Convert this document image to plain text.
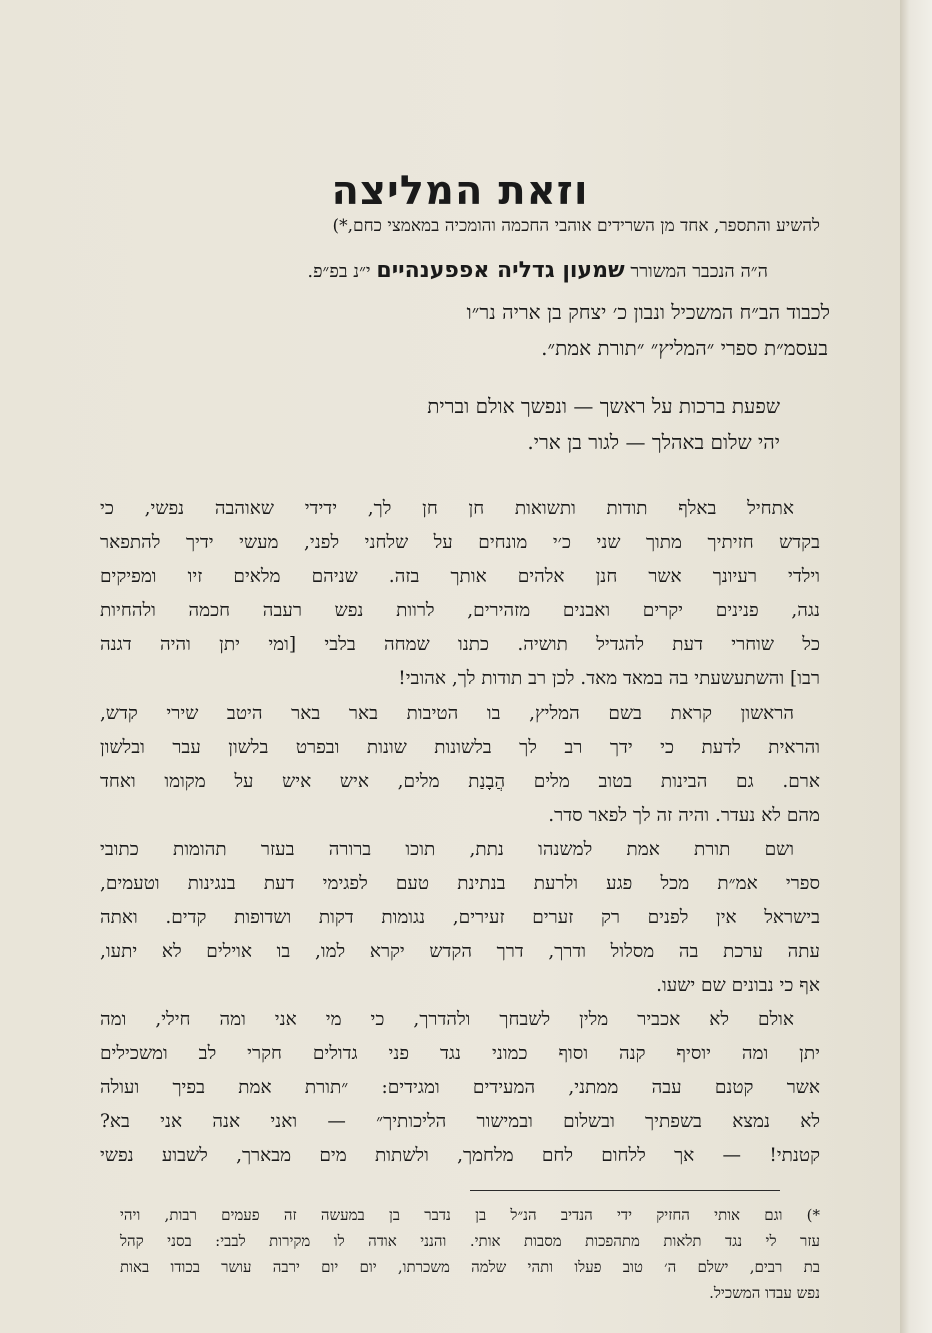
וזאת המליצה
להשיע והתספר, אחד מן השרידים אוהבי החכמה והומכיה במאמצי כחם,*)
ה״ה הנכבר המשורר שמעון גדליה אפפענהיים י״נ בפ״פ.
לכבוד הב״ח המשכיל ונבון כ׳ יצחק בן אריה נר״ו
בעסמ״ת ספרי ״המליץ״ ״תורת אמת״.
שפעת ברכות על ראשך — ונפשך אולם וברית
יהי שלום באהלך — לגור בן ארי.
אתחיל באלף תודות ותשואות חן חן לך, ידידי שאוהבה נפשי, כי
בקדש חזיתיך מתוך שני כ׳י מונחים על שלחני לפני, מעשי ידיך להתפאר
וילדי רעיונך אשר חנן אלהים אותך בזה. שניהם מלאים זיו ומפיקים
נגה, פנינים יקרים ואבנים מזהירים, לרוות נפש רעבה חכמה ולהחיות
כל שוחרי דעת להגדיל תושיה. כתנו שמחה בלבי [ומי יתן והיה דגנה
רבו] והשתעשעתי בה במאד מאד. לכן רב תודות לך, אהובי!
הראשון קראת בשם המליץ, בו הטיבות באר באר היטב שירי קדש,
והראית לדעת כי ידך רב לך בלשונות שונות ובפרט בלשון עבר ובלשון
ארם. גם הבינות בטוב מלים הֲבָנַת מלים, איש איש על מקומו ואחד
מהם לא נעדר. והיה זה לך לפאר סדר.
ושם תורת אמת למשנהו נתת, תוכו ברורה בעזר תהומות כתובי
ספרי אמ״ת מכל פגע ולרעת בנתינת טעם לפגימי דעת בנגינות וטעמים,
בישראל אין לפנים רק זערים זעירים, נגומות דקות ושדופות קדים. ואתה
עתה ערכת בה מסלול ודרך, דרך הקדש יקרא למו, בו אוילים לא יתעו,
אף כי נבונים שם ישעו.
אולם לא אכביר מלין לשבחך ולהדרך, כי מי אני ומה חילי, ומה
יתן ומה יוסיף קנה וסוף כמוני נגד פני גדולים חקרי לב ומשכילים
אשר קטנם עבה ממתני, המעידים ומגידים: ״תורת אמת בפיך ועולה
לא נמצא בשפתיך ובשלום ובמישור הליכותיך״ — ואני אנה אני בא?
קטנתי! — אך ללחום לחם מלחמך, ולשתות מים מבארך, לשבוע נפשי
*) וגם אותי החזיק ידי הנדיב הנ״ל בן נדבר בן במעשה זה פעמים רבות, ויהי
עזר לי נגד תלאות מתהפכות מסבות אותי. והנני אודה לו מקירות לבבי: בסני קהל
בת רבים, ישלם ה׳ טוב פעלו ותהי שלמה משכרתו, יום יום ירבה עושר בכודו באות
נפש עבדו המשכיל.
